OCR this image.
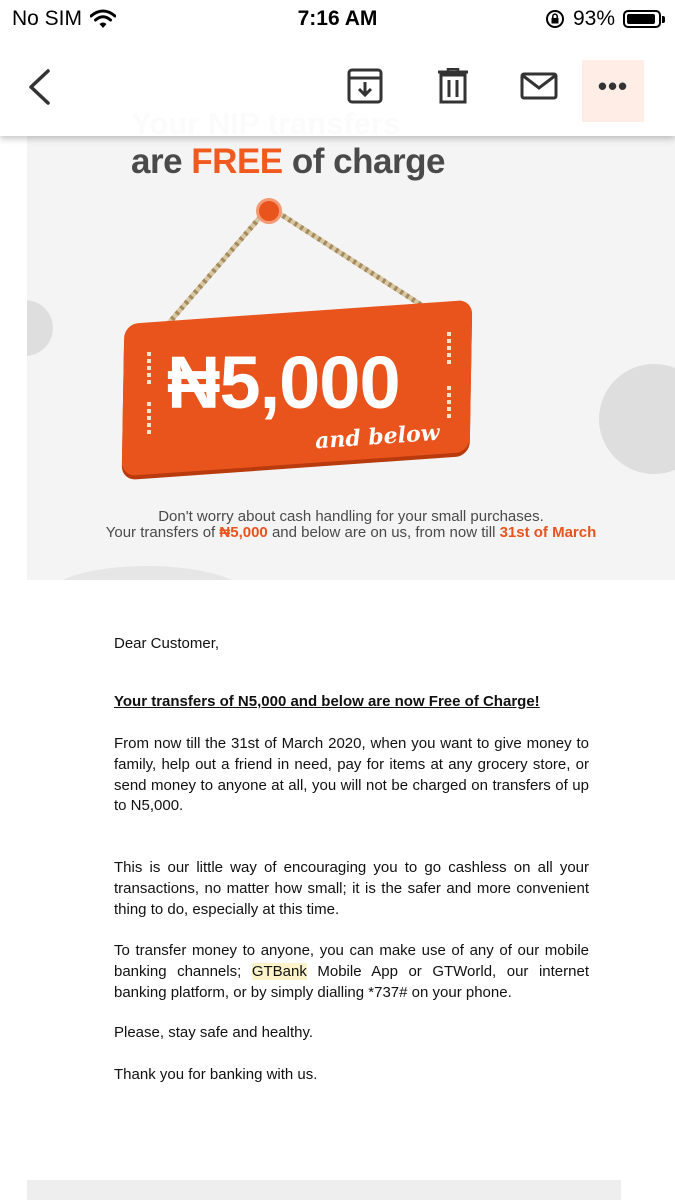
No SIM	7:16 AM	93%
•••
are FREE of charge
₦5,000
and below
Don't worry about cash handling for your small purchases.
Your transfers of ₦5,000 and below are on us, from now till 31st of March

Dear Customer,

Your transfers of N5,000 and below are now Free of Charge!

From now till the 31st of March 2020, when you want to give money to family, help out a friend in need, pay for items at any grocery store, or send money to anyone at all, you will not be charged on transfers of up to N5,000.

This is our little way of encouraging you to go cashless on all your transactions, no matter how small; it is the safer and more convenient thing to do, especially at this time.

To transfer money to anyone, you can make use of any of our mobile banking channels; GTBank Mobile App or GTWorld, our internet banking platform, or by simply dialling *737# on your phone.

Please, stay safe and healthy.

Thank you for banking with us.
